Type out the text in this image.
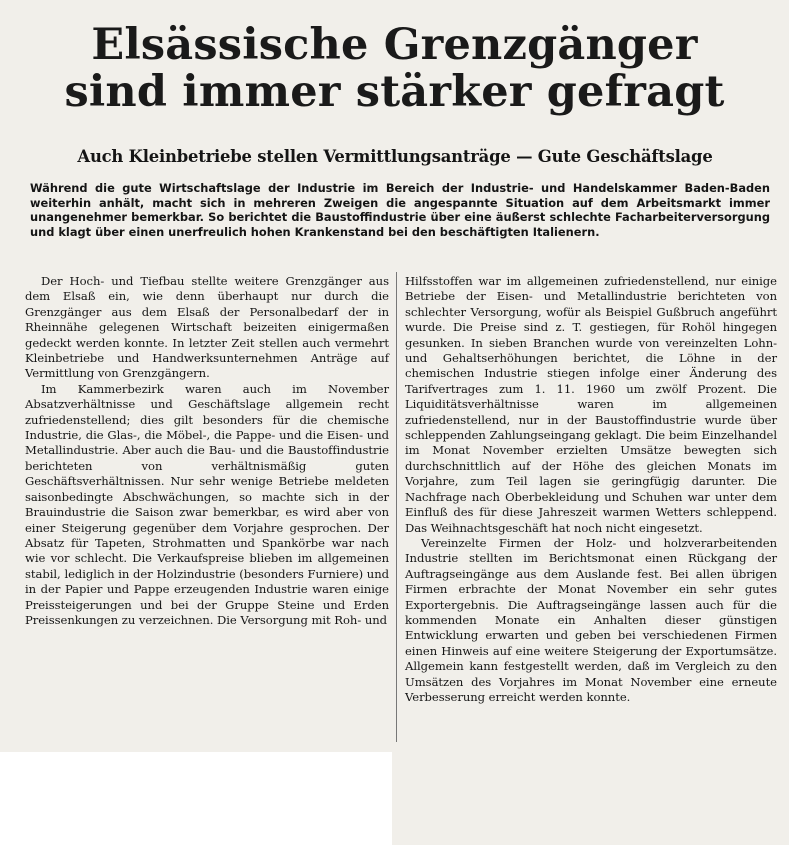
Elsässische Grenzgänger
sind immer stärker gefragt
Auch Kleinbetriebe stellen Vermittlungsanträge — Gute Geschäftslage

Während die gute Wirtschaftslage der Industrie im Bereich der Industrie- und Handelskammer Baden-Baden weiterhin anhält, macht sich in mehreren Zweigen die angespannte Situation auf dem Arbeitsmarkt immer unangenehmer bemerkbar. So berichtet die Baustoffindustrie über eine äußerst schlechte Facharbeiterversorgung und klagt über einen unerfreulich hohen Krankenstand bei den beschäftigten Italienern.

Der Hoch- und Tiefbau stellte weitere Grenzgänger aus dem Elsaß ein, wie denn überhaupt nur durch die Grenzgänger aus dem Elsaß der Personalbedarf der in Rheinnähe gelegenen Wirtschaft beizeiten einigermaßen gedeckt werden konnte. In letzter Zeit stellen auch vermehrt Kleinbetriebe und Handwerksunternehmen Anträge auf Vermittlung von Grenzgängern.

Im Kammerbezirk waren auch im November Absatzverhältnisse und Geschäftslage allgemein recht zufriedenstellend; dies gilt besonders für die chemische Industrie, die Glas-, die Möbel-, die Pappe- und die Eisen- und Metallindustrie. Aber auch die Bau- und die Baustoffindustrie berichteten von verhältnismäßig guten Geschäftsverhältnissen. Nur sehr wenige Betriebe meldeten saisonbedingte Abschwächungen, so machte sich in der Brauindustrie die Saison zwar bemerkbar, es wird aber von einer Steigerung gegenüber dem Vorjahre gesprochen. Der Absatz für Tapeten, Strohmatten und Spankörbe war nach wie vor schlecht. Die Verkaufspreise blieben im allgemeinen stabil, lediglich in der Holzindustrie (besonders Furniere) und in der Papier und Pappe erzeugenden Industrie waren einige Preissteigerungen und bei der Gruppe Steine und Erden Preissenkungen zu verzeichnen. Die Versorgung mit Roh- und

Hilfsstoffen war im allgemeinen zufriedenstellend, nur einige Betriebe der Eisen- und Metallindustrie berichteten von schlechter Versorgung, wofür als Beispiel Gußbruch angeführt wurde. Die Preise sind z. T. gestiegen, für Rohöl hingegen gesunken. In sieben Branchen wurde von vereinzelten Lohn- und Gehaltserhöhungen berichtet, die Löhne in der chemischen Industrie stiegen infolge einer Änderung des Tarifvertrages zum 1. 11. 1960 um zwölf Prozent. Die Liquiditätsverhältnisse waren im allgemeinen zufriedenstellend, nur in der Baustoffindustrie wurde über schleppenden Zahlungseingang geklagt. Die beim Einzelhandel im Monat November erzielten Umsätze bewegten sich durchschnittlich auf der Höhe des gleichen Monats im Vorjahre, zum Teil lagen sie geringfügig darunter. Die Nachfrage nach Oberbekleidung und Schuhen war unter dem Einfluß des für diese Jahreszeit warmen Wetters schleppend. Das Weihnachtsgeschäft hat noch nicht eingesetzt.

Vereinzelte Firmen der Holz- und holzverarbeitenden Industrie stellten im Berichtsmonat einen Rückgang der Auftragseingänge aus dem Auslande fest. Bei allen übrigen Firmen erbrachte der Monat November ein sehr gutes Exportergebnis. Die Auftragseingänge lassen auch für die kommenden Monate ein Anhalten dieser günstigen Entwicklung erwarten und geben bei verschiedenen Firmen einen Hinweis auf eine weitere Steigerung der Exportumsätze. Allgemein kann festgestellt werden, daß im Vergleich zu den Umsätzen des Vorjahres im Monat November eine erneute Verbesserung erreicht werden konnte.
